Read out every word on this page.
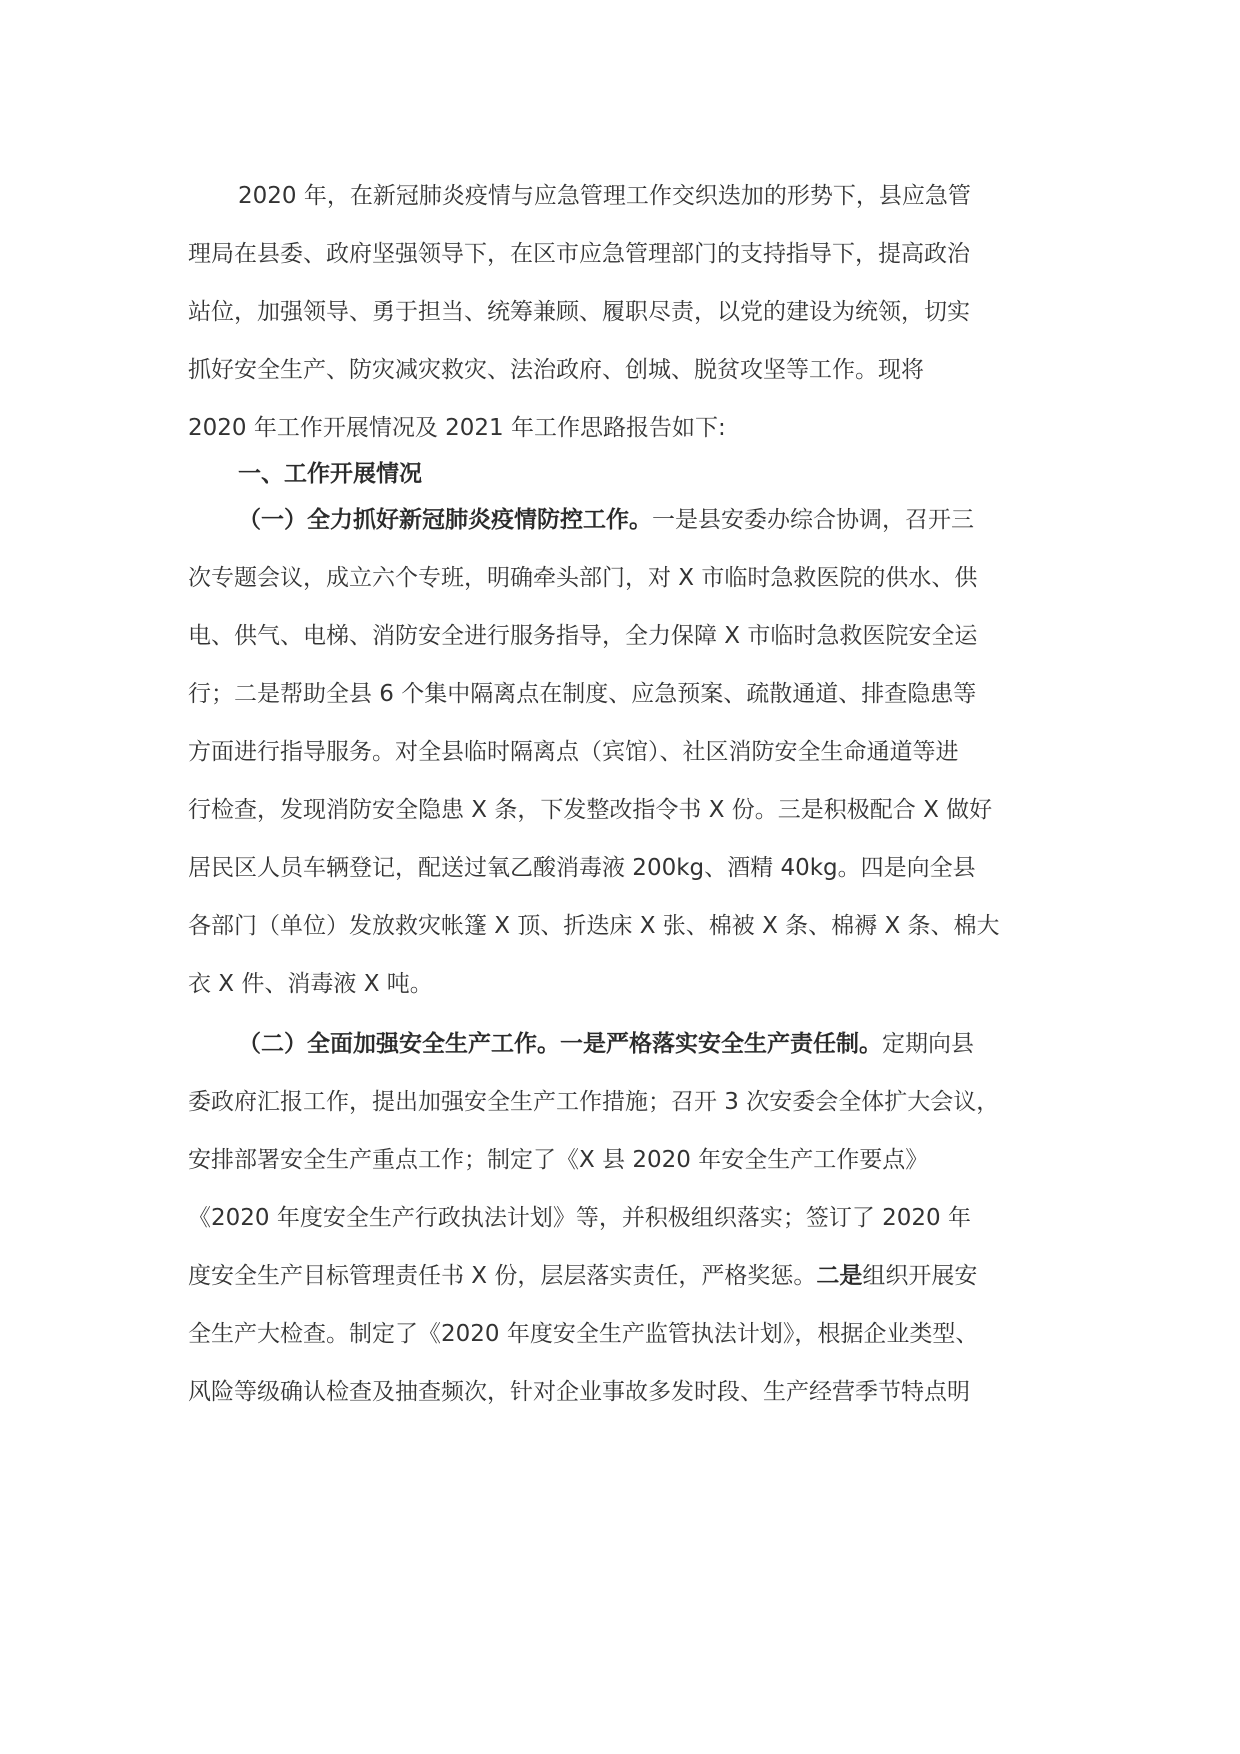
2020 年，在新冠肺炎疫情与应急管理工作交织迭加的形势下，县应急管
理局在县委、政府坚强领导下，在区市应急管理部门的支持指导下，提高政治
站位，加强领导、勇于担当、统筹兼顾、履职尽责，以党的建设为统领，切实
抓好安全生产、防灾减灾救灾、法治政府、创城、脱贫攻坚等工作。现将
2020 年工作开展情况及 2021 年工作思路报告如下:
一、工作开展情况
（一）全力抓好新冠肺炎疫情防控工作。一是县安委办综合协调，召开三
次专题会议，成立六个专班，明确牵头部门，对 X 市临时急救医院的供水、供
电、供气、电梯、消防安全进行服务指导，全力保障 X 市临时急救医院安全运
行；二是帮助全县 6 个集中隔离点在制度、应急预案、疏散通道、排查隐患等
方面进行指导服务。对全县临时隔离点（宾馆）、社区消防安全生命通道等进
行检查，发现消防安全隐患 X 条，下发整改指令书 X 份。三是积极配合 X 做好
居民区人员车辆登记，配送过氧乙酸消毒液 200kg、酒精 40kg。四是向全县
各部门（单位）发放救灾帐篷 X 顶、折迭床 X 张、棉被 X 条、棉褥 X 条、棉大
衣 X 件、消毒液 X 吨。
（二）全面加强安全生产工作。一是严格落实安全生产责任制。定期向县
委政府汇报工作，提出加强安全生产工作措施；召开 3 次安委会全体扩大会议，
安排部署安全生产重点工作；制定了《X 县 2020 年安全生产工作要点》
《2020 年度安全生产行政执法计划》等，并积极组织落实；签订了 2020 年
度安全生产目标管理责任书 X 份，层层落实责任，严格奖惩。二是组织开展安
全生产大检查。制定了《2020 年度安全生产监管执法计划》，根据企业类型、
风险等级确认检查及抽查频次，针对企业事故多发时段、生产经营季节特点明
